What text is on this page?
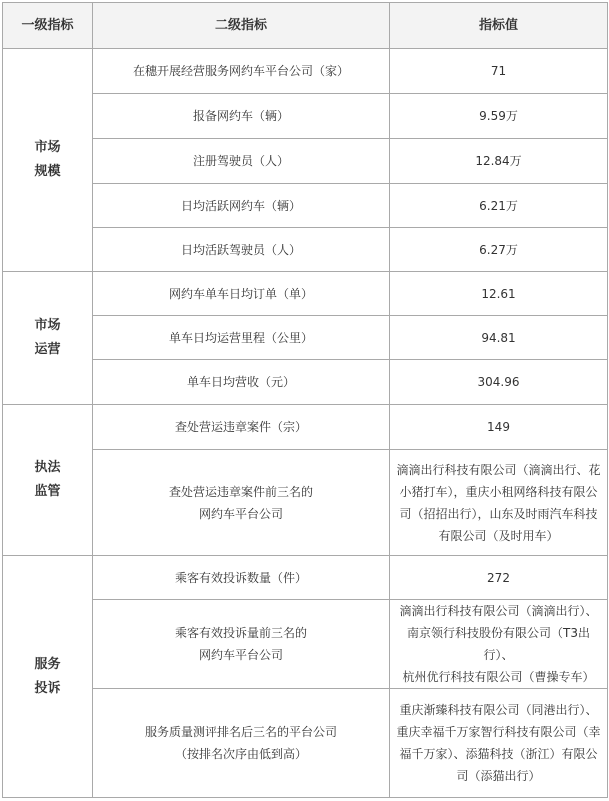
一级指标	二级指标	指标值

市场
规模	在穗开展经营服务网约车平台公司（家）	71

	报备网约车（辆）	9.59万

	注册驾驶员（人）	12.84万

	日均活跃网约车（辆）	6.21万

	日均活跃驾驶员（人）	6.27万

市场
运营	网约车单车日均订单（单）	12.61

	单车日均运营里程（公里）	94.81

	单车日均营收（元）	304.96

执法
监管	查处营运违章案件（宗）	149

	查处营运违章案件前三名的
网约车平台公司	滴滴出行科技有限公司（滴滴出行、花
小猪打车），重庆小租网络科技有限公
司（招招出行），山东及时雨汽车科技
有限公司（及时用车）

服务
投诉	乘客有效投诉数量（件）	272

	乘客有效投诉量前三名的
网约车平台公司	滴滴出行科技有限公司（滴滴出行）、
南京领行科技股份有限公司（T3出行）、
杭州优行科技有限公司（曹操专车）

	服务质量测评排名后三名的平台公司
（按排名次序由低到高）	重庆渐臻科技有限公司（同港出行）、
重庆幸福千万家智行科技有限公司（幸
福千万家）、添猫科技（浙江）有限公
司（添猫出行）
